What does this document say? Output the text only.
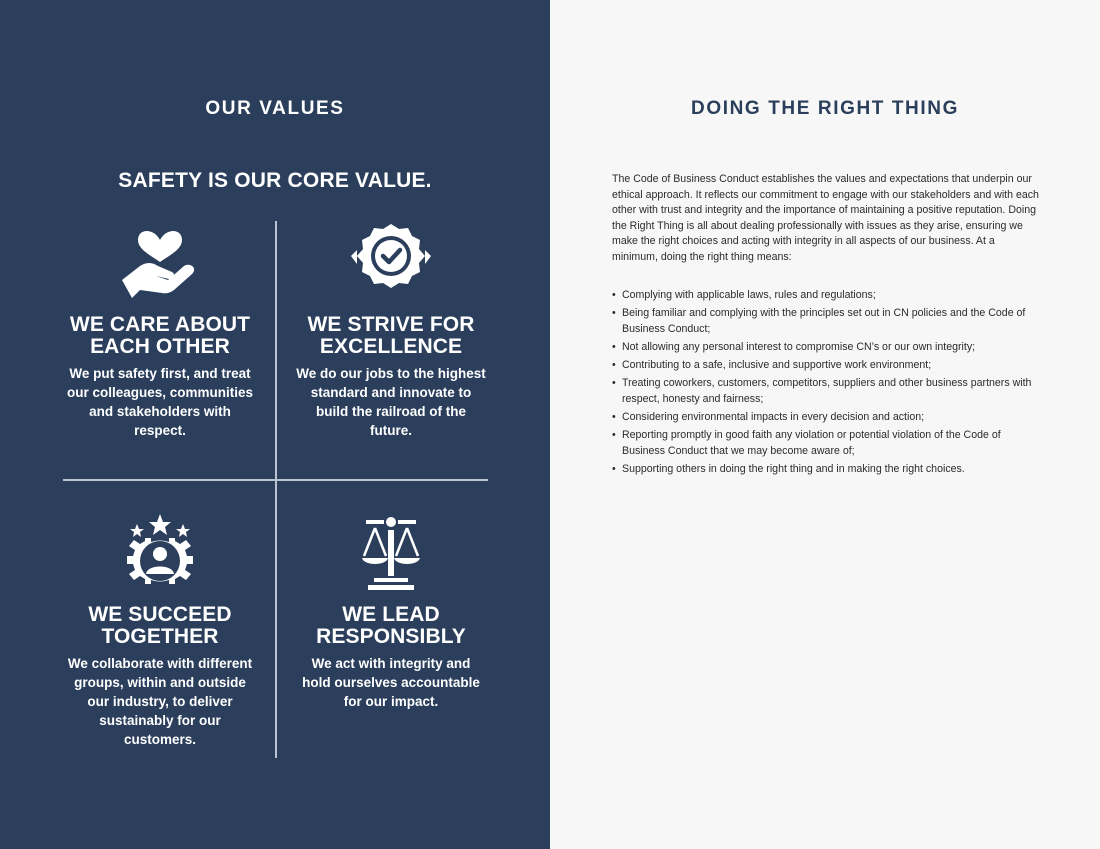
OUR VALUES
SAFETY IS OUR CORE VALUE.
WE CARE ABOUT
EACH OTHER

We put safety first, and treat our colleagues, communities and stakeholders with respect.

WE STRIVE FOR
EXCELLENCE

We do our jobs to the highest standard and innovate to build the railroad of the future.

WE SUCCEED
TOGETHER

We collaborate with different groups, within and outside our industry, to deliver sustainably for our customers.

WE LEAD
RESPONSIBLY

We act with integrity and hold ourselves accountable for our impact.

DOING THE RIGHT THING

The Code of Business Conduct establishes the values and expectations that underpin our ethical approach. It reflects our commitment to engage with our stakeholders and with each other with trust and integrity and the importance of maintaining a positive reputation. Doing the Right Thing is all about dealing professionally with issues as they arise, ensuring we make the right choices and acting with integrity in all aspects of our business. At a minimum, doing the right thing means:

• Complying with applicable laws, rules and regulations;
• Being familiar and complying with the principles set out in CN policies and the Code of Business Conduct;
• Not allowing any personal interest to compromise CN’s or our own integrity;
• Contributing to a safe, inclusive and supportive work environment;
• Treating coworkers, customers, competitors, suppliers and other business partners with respect, honesty and fairness;
• Considering environmental impacts in every decision and action;
• Reporting promptly in good faith any violation or potential violation of the Code of Business Conduct that we may become aware of;
• Supporting others in doing the right thing and in making the right choices.
